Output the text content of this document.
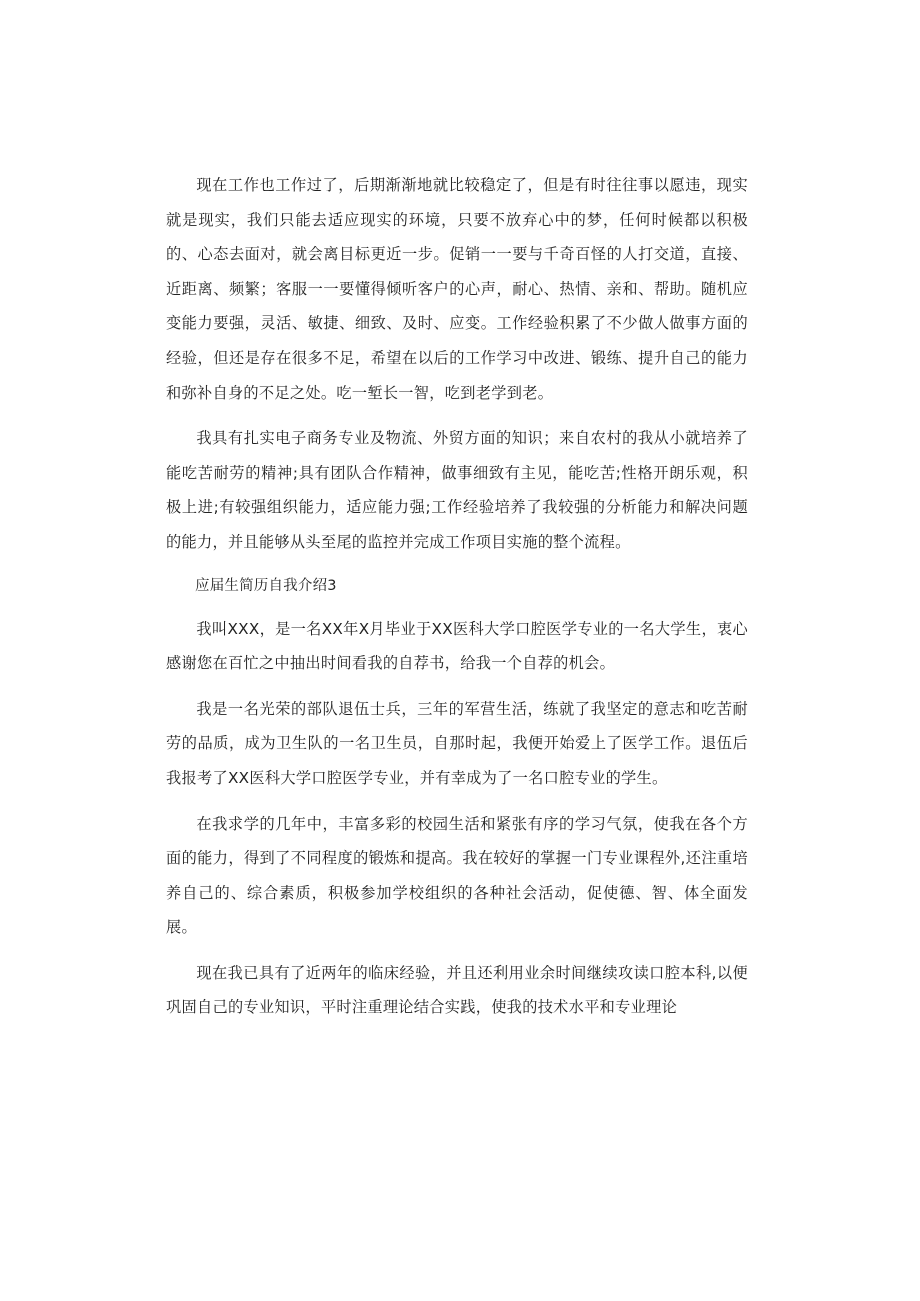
现在工作也工作过了，后期渐渐地就比较稳定了，但是有时往往事以愿违，现实就是现实，我们只能去适应现实的环境，只要不放弃心中的梦，任何时候都以积极的、心态去面对，就会离目标更近一步。促销一一要与千奇百怪的人打交道，直接、近距离、频繁；客服一一要懂得倾听客户的心声，耐心、热情、亲和、帮助。随机应变能力要强，灵活、敏捷、细致、及时、应变。工作经验积累了不少做人做事方面的经验，但还是存在很多不足，希望在以后的工作学习中改进、锻练、提升自己的能力和弥补自身的不足之处。吃一堑长一智，吃到老学到老。

我具有扎实电子商务专业及物流、外贸方面的知识；来自农村的我从小就培养了能吃苦耐劳的精神;具有团队合作精神，做事细致有主见，能吃苦;性格开朗乐观，积极上进;有较强组织能力，适应能力强;工作经验培养了我较强的分析能力和解决问题的能力，并且能够从头至尾的监控并完成工作项目实施的整个流程。

应届生简历自我介绍3

我叫XXX，是一名XX年X月毕业于XX医科大学口腔医学专业的一名大学生，衷心感谢您在百忙之中抽出时间看我的自荐书，给我一个自荐的机会。

我是一名光荣的部队退伍士兵，三年的军营生活，练就了我坚定的意志和吃苦耐劳的品质，成为卫生队的一名卫生员，自那时起，我便开始爱上了医学工作。退伍后我报考了XX医科大学口腔医学专业，并有幸成为了一名口腔专业的学生。

在我求学的几年中，丰富多彩的校园生活和紧张有序的学习气氛，使我在各个方面的能力，得到了不同程度的锻炼和提高。我在较好的掌握一门专业课程外,还注重培养自己的、综合素质，积极参加学校组织的各种社会活动，促使德、智、体全面发展。

现在我已具有了近两年的临床经验，并且还利用业余时间继续攻读口腔本科,以便巩固自己的专业知识，平时注重理论结合实践，使我的技术水平和专业理论
